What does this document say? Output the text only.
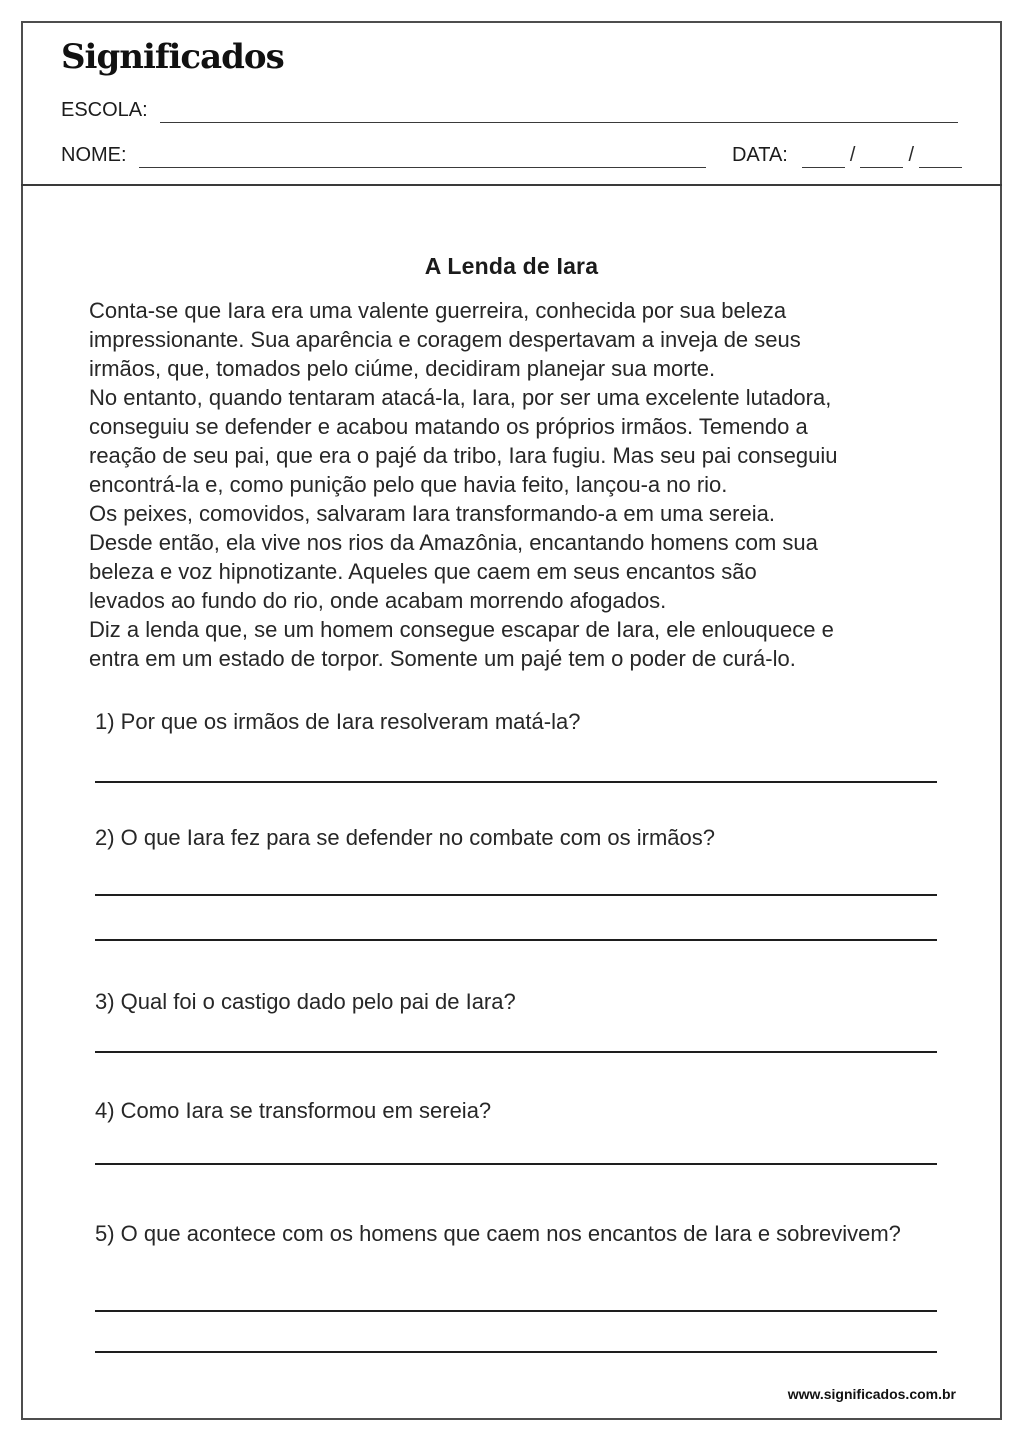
Significados
ESCOLA:
NOME:	DATA:	/	/
A Lenda de Iara
Conta-se que Iara era uma valente guerreira, conhecida por sua beleza
impressionante. Sua aparência e coragem despertavam a inveja de seus
irmãos, que, tomados pelo ciúme, decidiram planejar sua morte.
No entanto, quando tentaram atacá-la, Iara, por ser uma excelente lutadora,
conseguiu se defender e acabou matando os próprios irmãos. Temendo a
reação de seu pai, que era o pajé da tribo, Iara fugiu. Mas seu pai conseguiu
encontrá-la e, como punição pelo que havia feito, lançou-a no rio.
Os peixes, comovidos, salvaram Iara transformando-a em uma sereia.
Desde então, ela vive nos rios da Amazônia, encantando homens com sua
beleza e voz hipnotizante. Aqueles que caem em seus encantos são
levados ao fundo do rio, onde acabam morrendo afogados.
Diz a lenda que, se um homem consegue escapar de Iara, ele enlouquece e
entra em um estado de torpor. Somente um pajé tem o poder de curá-lo.

1) Por que os irmãos de Iara resolveram matá-la?

2) O que Iara fez para se defender no combate com os irmãos?

3) Qual foi o castigo dado pelo pai de Iara?

4) Como Iara se transformou em sereia?

5) O que acontece com os homens que caem nos encantos de Iara e sobrevivem?

www.significados.com.br
